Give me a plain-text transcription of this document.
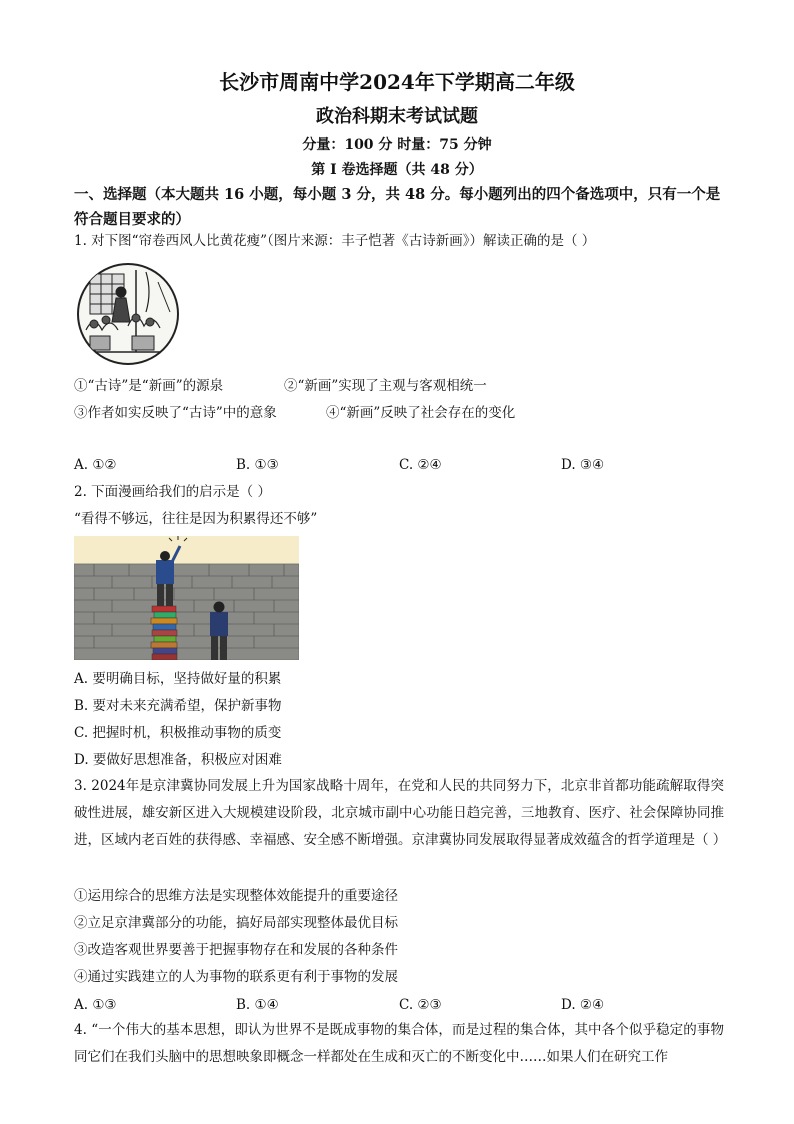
长沙市周南中学2024年下学期高二年级
政治科期末考试试题
分量：100 分 时量：75 分钟
第 I 卷选择题（共 48 分）
一、选择题（本大题共 16 小题，每小题 3 分，共 48 分。每小题列出的四个备选项中，只有一个是符合题目要求的）
1. 对下图“帘卷西风人比黄花瘦”（图片来源：丰子恺著《古诗新画》）解读正确的是（ ）
①“古诗”是“新画”的源泉	②“新画”实现了主观与客观相统一
③作者如实反映了“古诗”中的意象	④“新画”反映了社会存在的变化
A. ①②	B. ①③	C. ②④	D. ③④
2. 下面漫画给我们的启示是（ ）
“看得不够远，往往是因为积累得还不够”
A. 要明确目标，坚持做好量的积累
B. 要对未来充满希望，保护新事物
C. 把握时机，积极推动事物的质变
D. 要做好思想准备，积极应对困难
3. 2024年是京津冀协同发展上升为国家战略十周年，在党和人民的共同努力下，北京非首都功能疏解取得突破性进展，雄安新区进入大规模建设阶段，北京城市副中心功能日趋完善，三地教育、医疗、社会保障协同推进，区域内老百姓的获得感、幸福感、安全感不断增强。京津冀协同发展取得显著成效蕴含的哲学道理是（ ）
①运用综合的思维方法是实现整体效能提升的重要途径
②立足京津冀部分的功能，搞好局部实现整体最优目标
③改造客观世界要善于把握事物存在和发展的各种条件
④通过实践建立的人为事物的联系更有利于事物的发展
A. ①③	B. ①④	C. ②③	D. ②④
4. “一个伟大的基本思想，即认为世界不是既成事物的集合体，而是过程的集合体，其中各个似乎稳定的事物同它们在我们头脑中的思想映象即概念一样都处在生成和灭亡的不断变化中……如果人们在研究工作
